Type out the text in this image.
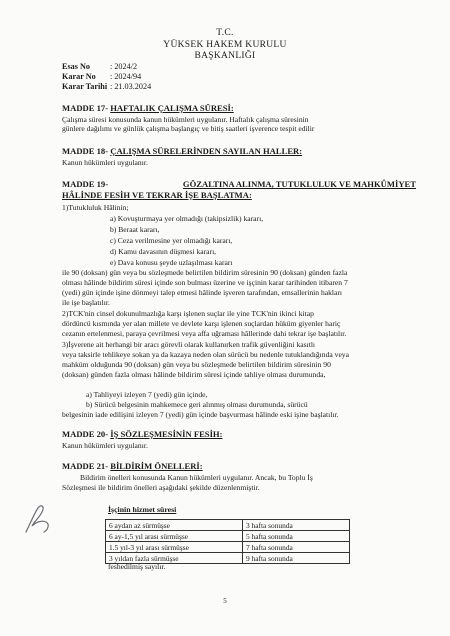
T.C.
YÜKSEK HAKEM KURULU
BAŞKANLIĞI
Esas No : 2024/2
Karar No : 2024/94
Karar Tarihi : 21.03.2024
MADDE 17- HAFTALIK ÇALIŞMA SÜRESİ:
Çalışma süresi konusunda kanun hükümleri uygulanır. Haftalık çalışma süresinin
günlere dağılımı ve günlük çalışma başlangıç ve bitiş saatleri işverence tespit edilir
MADDE 18- ÇALIŞMA SÜRELERİNDEN SAYILAN HALLER:
Kanun hükümleri uygulanır.
MADDE 19-	GÖZALTINA ALINMA, TUTUKLULUK VE MAHKÛMİYET
HÂLİNDE FESİH VE TEKRAR İŞE BAŞLATMA:
1)Tutukluluk Hâlinin;
a) Kovuşturmaya yer olmadığı (takipsizlik) kararı,
b) Beraat kararı,
c) Ceza verilmesine yer olmadığı kararı,
d) Kamu davasının düşmesi kararı,
e) Dava konusu şeyde uzlaşılması kararı
ile 90 (doksan) gün veya bu sözleşmede belirtilen bildirim süresinin 90 (doksan) günden fazla
olması hâlinde bildirim süresi içinde son bulması üzerine ve işçinin karar tarihinden itibaren 7
(yedi) gün içinde işine dönmeyi talep etmesi hâlinde işveren tarafından, emsallerinin hakları
ile işe başlatılır.
2)TCK'nin cinsel dokunulmazlığa karşı işlenen suçlar ile yine TCK'nin ikinci kitap
dördüncü kısmında yer alan millete ve devlete karşı işlenen suçlardan hüküm giyenler hariç
cezanın ertelenmesi, paraya çevrilmesi veya affa uğraması hâllerinde dahi tekrar işe başlatılır.
3)İşverene ait herhangi bir aracı görevli olarak kullanırken trafik güvenliğini kasıtlı
veya taksirle tehlikeye sokan ya da kazaya neden olan sürücü bu nedenle tutuklandığında veya
mahküm olduğunda 90 (doksan) gün veya bu sözleşmede belirtilen bildirim süresinin 90
(doksan) günden fazla olması hâlinde bildirim süresi içinde tahliye olması durumunda,
a) Tahliyeyi izleyen 7 (yedi) gün içinde,
b) Sürücü belgesinin mahkemece geri alınmış olması durumunda, sürücü
belgesinin iade edilişini izleyen 7 (yedi) gün içinde başvurması hâlinde eski işine başlatılır.
MADDE 20- İŞ SÖZLEŞMESİNİN FESİH:
Kanun hükümleri uygulanır.
MADDE 21- BİLDİRİM ÖNELLERİ:
Bildirim önelleri konusunda Kanun hükümleri uygulanır. Ancak, bu Toplu İş
Sözleşmesi ile bildirim önelleri aşağıdaki şekilde düzenlenmiştir.
İşçinin hizmet süresi
6 aydan az sürmüşse	3 hafta sonunda
6 ay-1,5 yıl arası sürmüşse	5 hafta sonunda
1.5 yıl-3 yıl arası sürmüşse	7 hafta sonunda
3 yıldan fazla sürmüşse	9 hafta sonunda
feshedilmiş sayılır.
5
